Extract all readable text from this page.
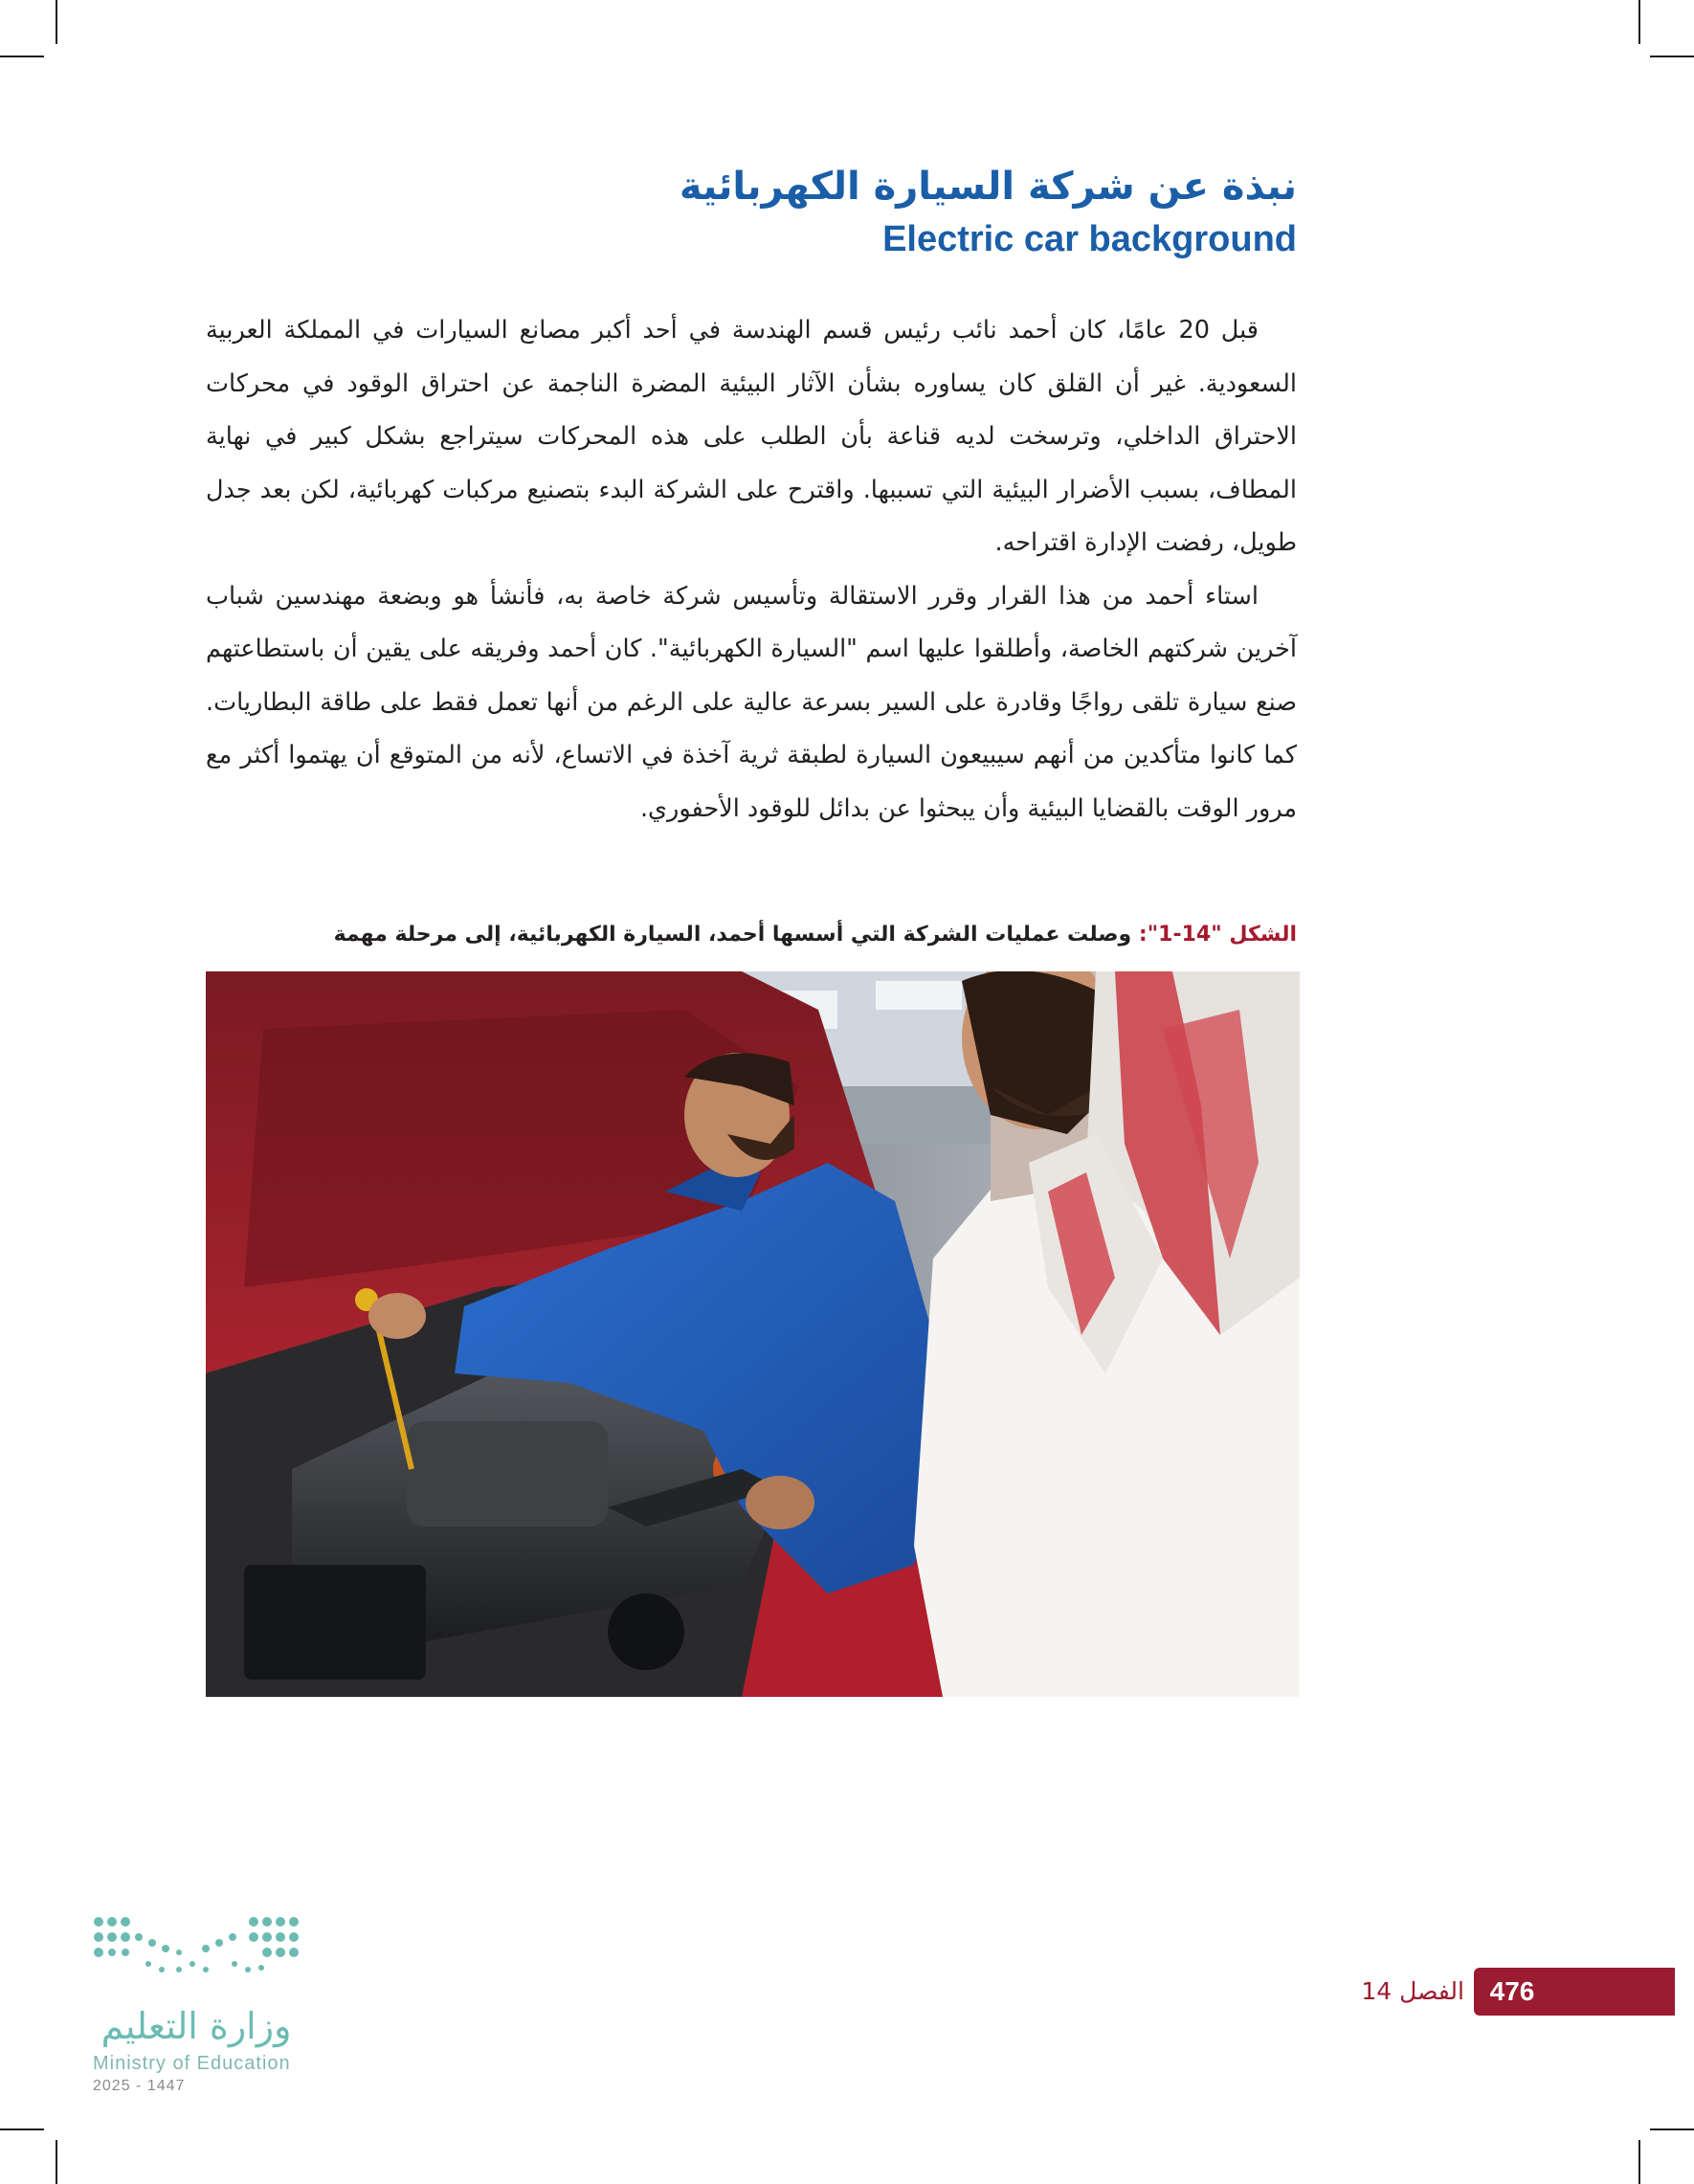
نبذة عن شركة السيارة الكهربائية
Electric car background

قبل 20 عامًا، كان أحمد نائب رئيس قسم الهندسة في أحد أكبر مصانع السيارات في المملكة العربية السعودية. غير أن القلق كان يساوره بشأن الآثار البيئية المضرة الناجمة عن احتراق الوقود في محركات الاحتراق الداخلي، وترسخت لديه قناعة بأن الطلب على هذه المحركات سيتراجع بشكل كبير في نهاية المطاف، بسبب الأضرار البيئية التي تسببها. واقترح على الشركة البدء بتصنيع مركبات كهربائية، لكن بعد جدل طويل، رفضت الإدارة اقتراحه.

استاء أحمد من هذا القرار وقرر الاستقالة وتأسيس شركة خاصة به، فأنشأ هو وبضعة مهندسين شباب آخرين شركتهم الخاصة، وأطلقوا عليها اسم "السيارة الكهربائية". كان أحمد وفريقه على يقين أن باستطاعتهم صنع سيارة تلقى رواجًا وقادرة على السير بسرعة عالية على الرغم من أنها تعمل فقط على طاقة البطاريات. كما كانوا متأكدين من أنهم سيبيعون السيارة لطبقة ثرية آخذة في الاتساع، لأنه من المتوقع أن يهتموا أكثر مع مرور الوقت بالقضايا البيئية وأن يبحثوا عن بدائل للوقود الأحفوري.

الشكل "14-1": وصلت عمليات الشركة التي أسسها أحمد، السيارة الكهربائية، إلى مرحلة مهمة
476
الفصل 14
وزارة التعليم
Ministry of Education
2025 - 1447
